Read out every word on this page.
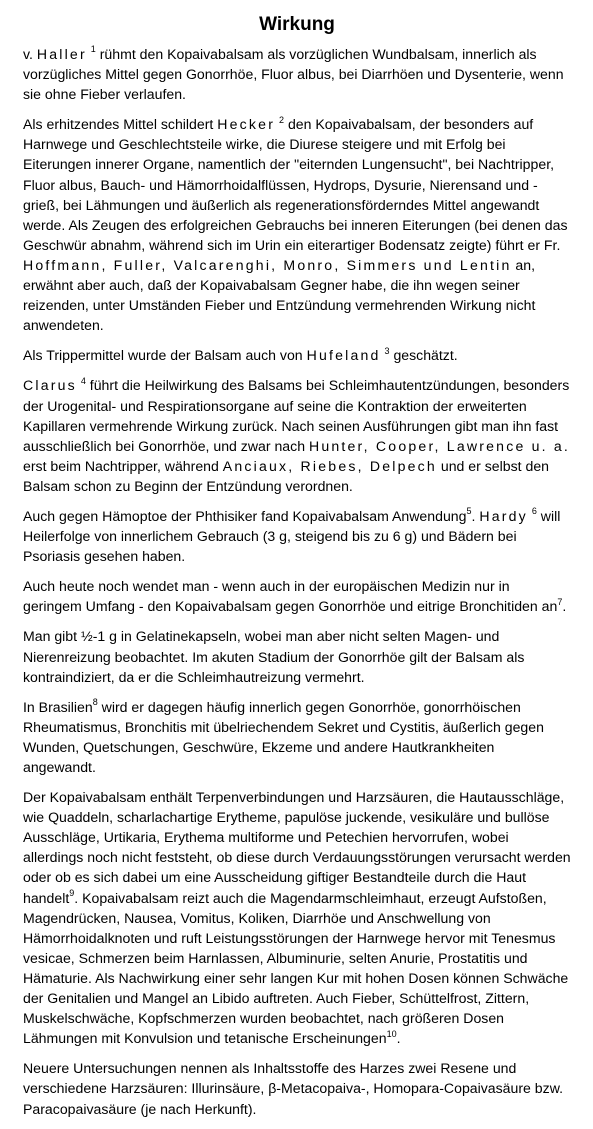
Wirkung

v. Haller $^1$ rühmt den Kopaivabalsam als vorzüglichen Wundbalsam, innerlich als vorzügliches Mittel gegen Gonorrhöe, Fluor albus, bei Diarrhöen und Dysenterie, wenn sie ohne Fieber verlaufen.

Als erhitzendes Mittel schildert Hecker $^2$ den Kopaivabalsam, der besonders auf Harnwege und Geschlechtsteile wirke, die Diurese steigere und mit Erfolg bei Eiterungen innerer Organe, namentlich der "eiternden Lungensucht", bei Nachtripper, Fluor albus, Bauch- und Hämorrhoidalflüssen, Hydrops, Dysurie, Nierensand und -grieß, bei Lähmungen und äußerlich als regenerationsförderndes Mittel angewandt werde. Als Zeugen des erfolgreichen Gebrauchs bei inneren Eiterungen (bei denen das Geschwür abnahm, während sich im Urin ein eiterartiger Bodensatz zeigte) führt er Fr. Hoffmann, Fuller, Valcarenghi, Monro, Simmers und Lentin an, erwähnt aber auch, daß der Kopaivabalsam Gegner habe, die ihn wegen seiner reizenden, unter Umständen Fieber und Entzündung vermehrenden Wirkung nicht anwendeten.

Als Trippermittel wurde der Balsam auch von Hufeland $^3$ geschätzt.

Clarus $^4$ führt die Heilwirkung des Balsams bei Schleimhautentzündungen, besonders der Urogenital- und Respirationsorgane auf seine die Kontraktion der erweiterten Kapillaren vermehrende Wirkung zurück. Nach seinen Ausführungen gibt man ihn fast ausschließlich bei Gonorrhöe, und zwar nach Hunter, Cooper, Lawrence u. a. erst beim Nachtripper, während Anciaux, Riebes, Delpech und er selbst den Balsam schon zu Beginn der Entzündung verordnen.

Auch gegen Hämoptoe der Phthisiker fand Kopaivabalsam Anwendung$^5$. Hardy $^6$ will Heilerfolge von innerlichem Gebrauch (3 g, steigend bis zu 6 g) und Bädern bei Psoriasis gesehen haben.

Auch heute noch wendet man - wenn auch in der europäischen Medizin nur in geringem Umfang - den Kopaivabalsam gegen Gonorrhöe und eitrige Bronchitiden $an^7$.

Man gibt ½-1 g in Gelatinekapseln, wobei man aber nicht selten Magen- und Nierenreizung beobachtet. Im akuten Stadium der Gonorrhöe gilt der Balsam als kontraindiziert, da er die Schleimhautreizung vermehrt.

In Brasilien$^8$ wird er dagegen häufig innerlich gegen Gonorrhöe, gonorrhöischen Rheumatismus, Bronchitis mit übelriechendem Sekret und Cystitis, äußerlich gegen Wunden, Quetschungen, Geschwüre, Ekzeme und andere Hautkrankheiten angewandt.

Der Kopaivabalsam enthält Terpenverbindungen und Harzsäuren, die Hautausschläge, wie Quaddeln, scharlachartige Erytheme, papulöse juckende, vesikuläre und bullöse Ausschläge, Urtikaria, Erythema multiforme und Petechien hervorrufen, wobei allerdings noch nicht feststeht, ob diese durch Verdauungsstörungen verursacht werden oder ob es sich dabei um eine Ausscheidung giftiger Bestandteile durch die Haut handelt$^9$. Kopaivabalsam reizt auch die Magendarmschleimhaut, erzeugt Aufstoßen, Magendrücken, Nausea, Vomitus, Koliken, Diarrhöe und Anschwellung von Hämorrhoidalknoten und ruft Leistungsstörungen der Harnwege hervor mit Tenesmus vesicae, Schmerzen beim Harnlassen, Albuminurie, selten Anurie, Prostatitis und Hämaturie. Als Nachwirkung einer sehr langen Kur mit hohen Dosen können Schwäche der Genitalien und Mangel an Libido auftreten. Auch Fieber, Schüttelfrost, Zittern, Muskelschwäche, Kopfschmerzen wurden beobachtet, nach größeren Dosen Lähmungen mit Konvulsion und tetanische Erscheinungen$^{10}$.

Neuere Untersuchungen nennen als Inhaltsstoffe des Harzes zwei Resene und verschiedene Harzsäuren: Illurinsäure, β-Metacopaiva-, Homopara-Copaivasäure bzw. Paracopaivasäure (je nach Herkunft).
